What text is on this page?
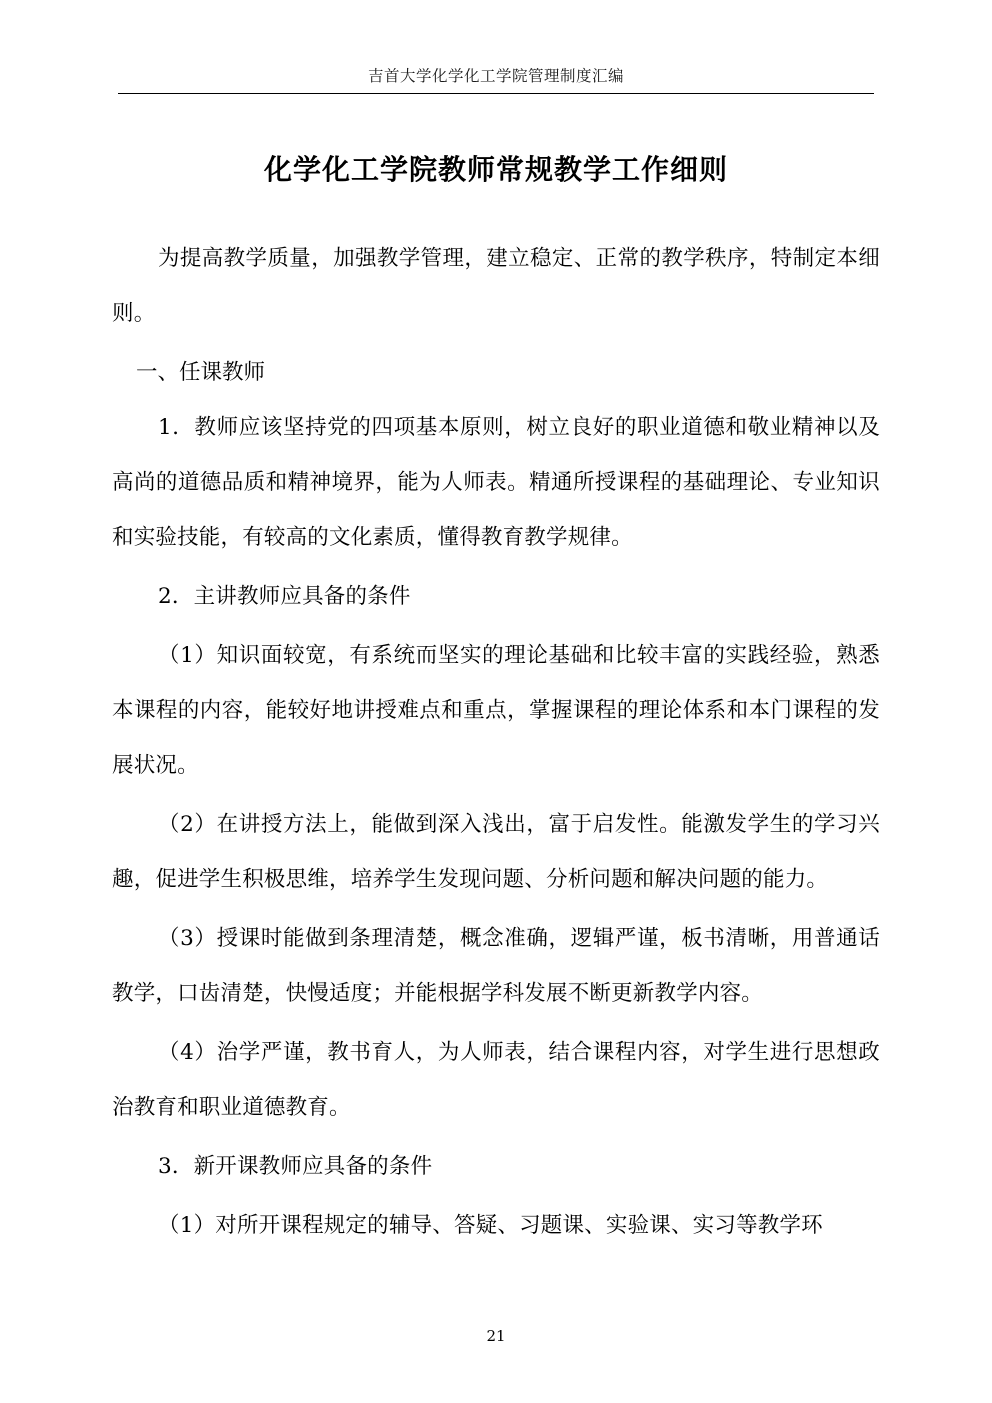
吉首大学化学化工学院管理制度汇编
化学化工学院教师常规教学工作细则

为提高教学质量，加强教学管理，建立稳定、正常的教学秩序，特制定本细则。

一、任课教师

1．教师应该坚持党的四项基本原则，树立良好的职业道德和敬业精神以及高尚的道德品质和精神境界，能为人师表。精通所授课程的基础理论、专业知识和实验技能，有较高的文化素质，懂得教育教学规律。

2．主讲教师应具备的条件

（1）知识面较宽，有系统而坚实的理论基础和比较丰富的实践经验，熟悉本课程的内容，能较好地讲授难点和重点，掌握课程的理论体系和本门课程的发展状况。

（2）在讲授方法上，能做到深入浅出，富于启发性。能激发学生的学习兴趣，促进学生积极思维，培养学生发现问题、分析问题和解决问题的能力。

（3）授课时能做到条理清楚，概念准确，逻辑严谨，板书清晰，用普通话教学，口齿清楚，快慢适度；并能根据学科发展不断更新教学内容。

（4）治学严谨，教书育人，为人师表，结合课程内容，对学生进行思想政治教育和职业道德教育。

3．新开课教师应具备的条件

（1）对所开课程规定的辅导、答疑、习题课、实验课、实习等教学环

21
